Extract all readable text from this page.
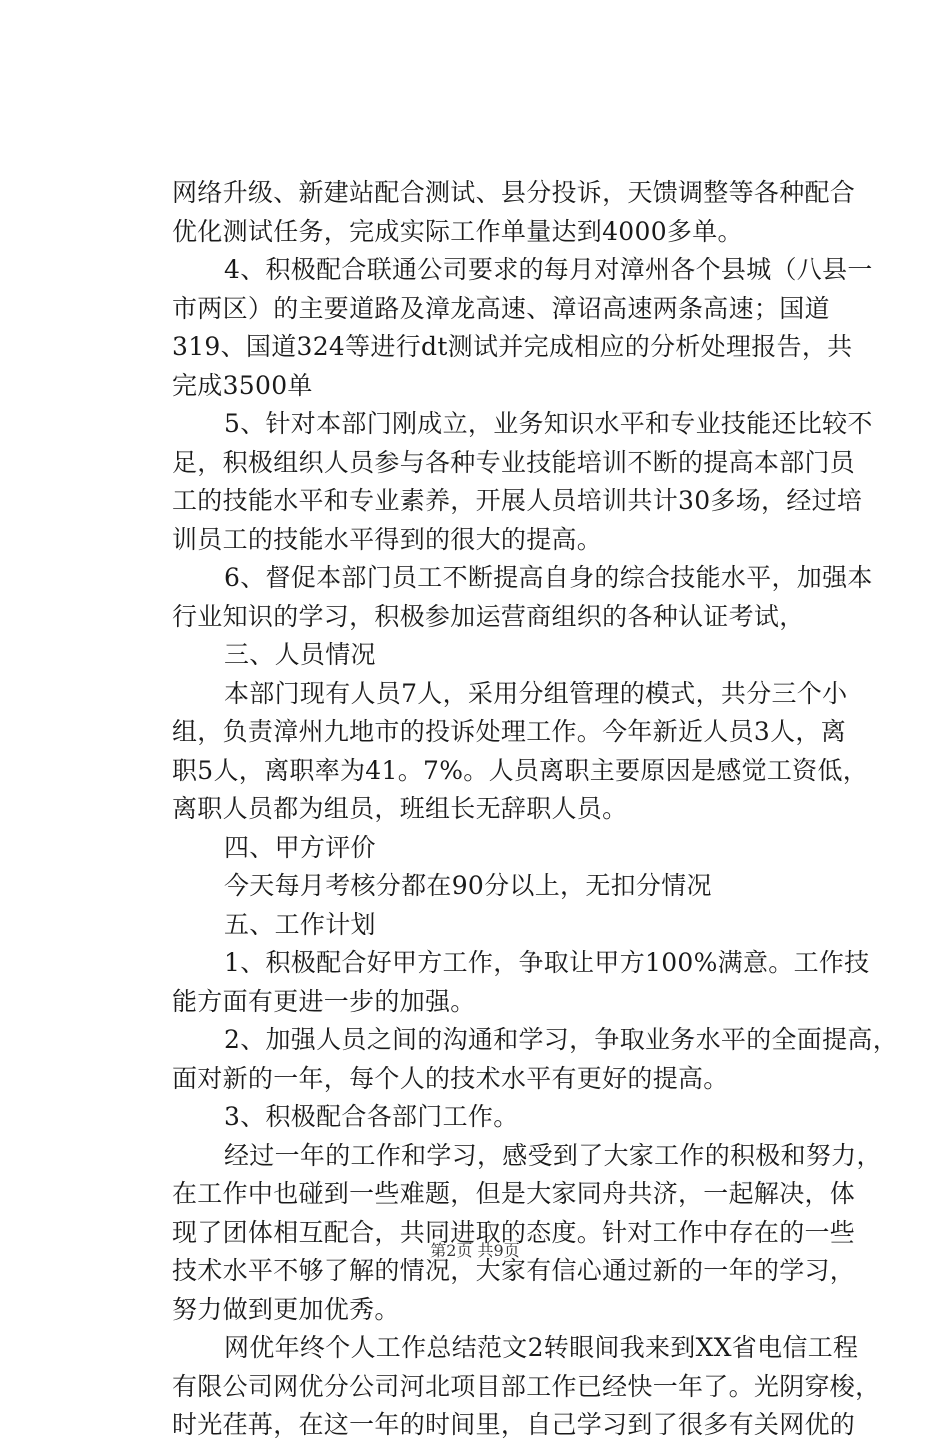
网络升级、新建站配合测试、县分投诉，天馈调整等各种配合
优化测试任务，完成实际工作单量达到4000多单。
4、积极配合联通公司要求的每月对漳州各个县城（八县一
市两区）的主要道路及漳龙高速、漳诏高速两条高速；国道
319、国道324等进行dt测试并完成相应的分析处理报告，共
完成3500单
5、针对本部门刚成立，业务知识水平和专业技能还比较不
足，积极组织人员参与各种专业技能培训不断的提高本部门员
工的技能水平和专业素养，开展人员培训共计30多场，经过培
训员工的技能水平得到的很大的提高。
6、督促本部门员工不断提高自身的综合技能水平，加强本
行业知识的学习，积极参加运营商组织的各种认证考试，
三、人员情况
本部门现有人员7人，采用分组管理的模式，共分三个小
组，负责漳州九地市的投诉处理工作。今年新近人员3人，离
职5人，离职率为41。7%。人员离职主要原因是感觉工资低，
离职人员都为组员，班组长无辞职人员。
四、甲方评价
今天每月考核分都在90分以上，无扣分情况
五、工作计划
1、积极配合好甲方工作，争取让甲方100%满意。工作技
能方面有更进一步的加强。
2、加强人员之间的沟通和学习，争取业务水平的全面提高，
面对新的一年，每个人的技术水平有更好的提高。
3、积极配合各部门工作。
经过一年的工作和学习，感受到了大家工作的积极和努力，
在工作中也碰到一些难题，但是大家同舟共济，一起解决，体
现了团体相互配合，共同进取的态度。针对工作中存在的一些
技术水平不够了解的情况，大家有信心通过新的一年的学习，
努力做到更加优秀。
网优年终个人工作总结范文2转眼间我来到XX省电信工程
有限公司网优分公司河北项目部工作已经快一年了。光阴穿梭，
时光荏苒，在这一年的时间里，自己学习到了很多有关网优的
第2页 共9页
